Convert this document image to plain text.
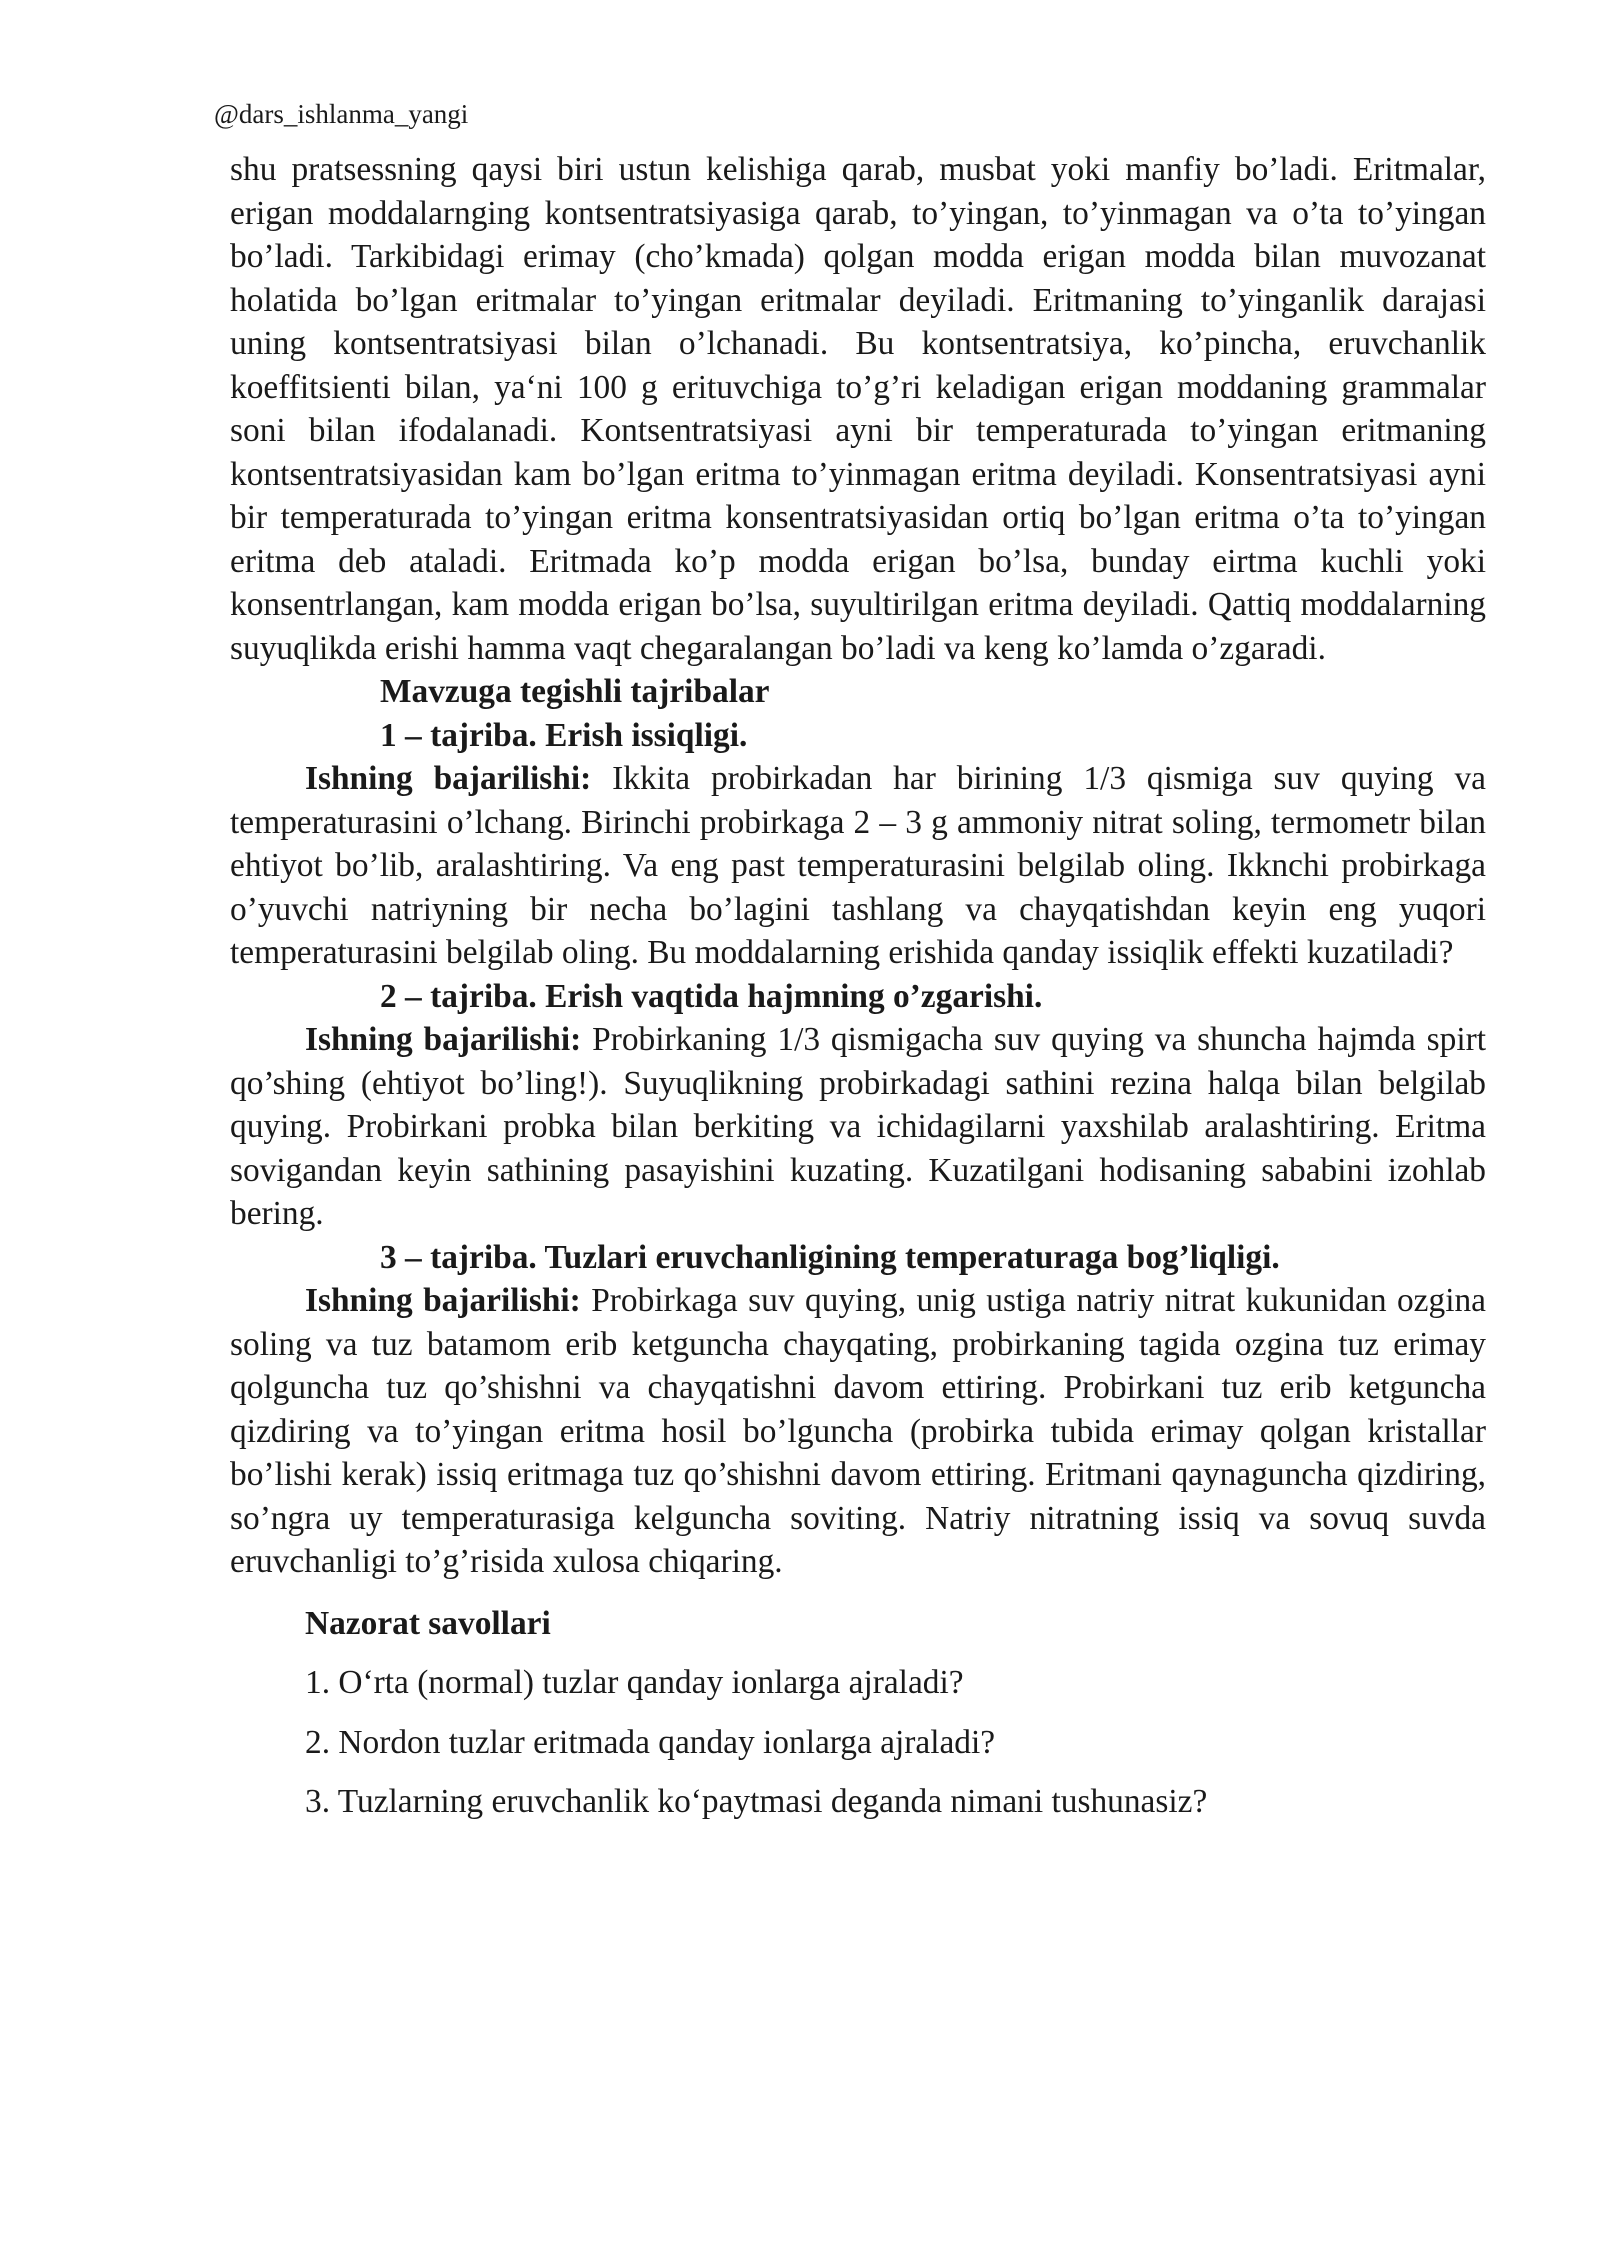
@dars_ishlanma_yangi

shu pratsessning qaysi biri ustun kelishiga qarab, musbat yoki manfiy bo’ladi. Eritmalar, erigan moddalarnging kontsentratsiyasiga qarab, to’yingan, to’yinmagan va o’ta to’yingan bo’ladi. Tarkibidagi erimay (cho’kmada) qolgan modda erigan modda bilan muvozanat holatida bo’lgan eritmalar to’yingan eritmalar deyiladi. Eritmaning to’yinganlik darajasi uning kontsentratsiyasi bilan o’lchanadi. Bu kontsentratsiya, ko’pincha, eruvchanlik koeffitsienti bilan, ya‘ni 100 g erituvchiga to’g’ri keladigan erigan moddaning grammalar soni bilan ifodalanadi. Kontsentratsiyasi ayni bir temperaturada to’yingan eritmaning kontsentratsiyasidan kam bo’lgan eritma to’yinmagan eritma deyiladi. Konsentratsiyasi ayni bir temperaturada to’yingan eritma konsentratsiyasidan ortiq bo’lgan eritma o’ta to’yingan eritma deb ataladi. Eritmada ko’p modda erigan bo’lsa, bunday eirtma kuchli yoki konsentrlangan, kam modda erigan bo’lsa, suyultirilgan eritma deyiladi. Qattiq moddalarning suyuqlikda erishi hamma vaqt chegaralangan bo’ladi va keng ko’lamda o’zgaradi.

Mavzuga tegishli tajribalar

1 – tajriba. Erish issiqligi.

Ishning bajarilishi: Ikkita probirkadan har birining 1/3 qismiga suv quying va temperaturasini o’lchang. Birinchi probirkaga 2 – 3 g ammoniy nitrat soling, termometr bilan ehtiyot bo’lib, aralashtiring. Va eng past temperaturasini belgilab oling. Ikknchi probirkaga o’yuvchi natriyning bir necha bo’lagini tashlang va chayqatishdan keyin eng yuqori temperaturasini belgilab oling. Bu moddalarning erishida qanday issiqlik effekti kuzatiladi?

2 – tajriba. Erish vaqtida hajmning o’zgarishi.

Ishning bajarilishi: Probirkaning 1/3 qismigacha suv quying va shuncha hajmda spirt qo’shing (ehtiyot bo’ling!). Suyuqlikning probirkadagi sathini rezina halqa bilan belgilab quying. Probirkani probka bilan berkiting va ichidagilarni yaxshilab aralashtiring. Eritma sovigandan keyin sathining pasayishini kuzating. Kuzatilgani hodisaning sababini izohlab bering.

3 – tajriba. Tuzlari eruvchanligining temperaturaga bog’liqligi.

Ishning bajarilishi: Probirkaga suv quying, unig ustiga natriy nitrat kukunidan ozgina soling va tuz batamom erib ketguncha chayqating, probirkaning tagida ozgina tuz erimay qolguncha tuz qo’shishni va chayqatishni davom ettiring. Probirkani tuz erib ketguncha qizdiring va to’yingan eritma hosil bo’lguncha (probirka tubida erimay qolgan kristallar bo’lishi kerak) issiq eritmaga tuz qo’shishni davom ettiring. Eritmani qaynaguncha qizdiring, so’ngra uy temperaturasiga kelguncha soviting. Natriy nitratning issiq va sovuq suvda eruvchanligi to’g’risida xulosa chiqaring.

Nazorat savollari

1. O‘rta (normal) tuzlar qanday ionlarga ajraladi?

2. Nordon tuzlar eritmada qanday ionlarga ajraladi?

3. Tuzlarning eruvchanlik ko‘paytmasi deganda nimani tushunasiz?
